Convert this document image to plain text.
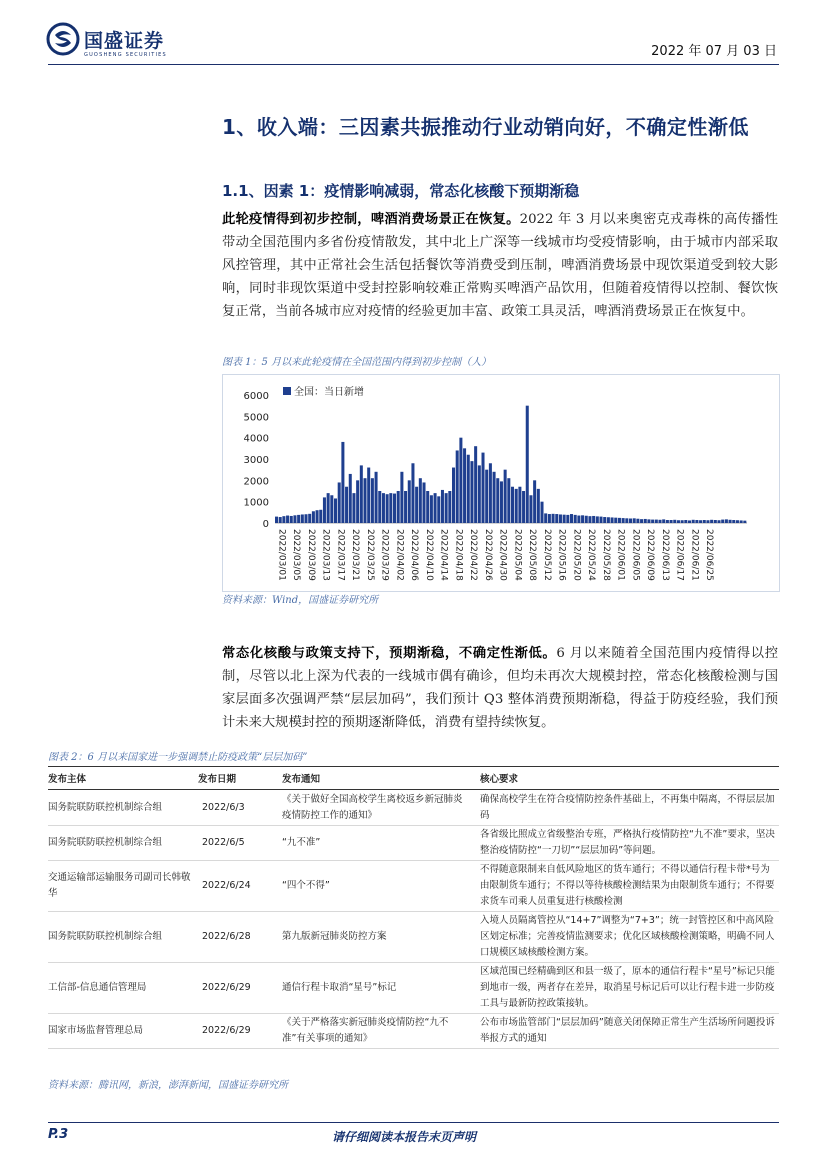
国盛证券
GUOSHENG SECURITIES	2022 年 07 月 03 日
1、收入端：三因素共振推动行业动销向好，不确定性渐低
1.1、因素 1：疫情影响减弱，常态化核酸下预期渐稳
此轮疫情得到初步控制，啤酒消费场景正在恢复。2022 年 3 月以来奥密克戎毒株的高传播性带动全国范围内多省份疫情散发，其中北上广深等一线城市均受疫情影响，由于城市内部采取风控管理，其中正常社会生活包括餐饮等消费受到压制，啤酒消费场景中现饮渠道受到较大影响，同时非现饮渠道中受封控影响较难正常购买啤酒产品饮用，但随着疫情得以控制、餐饮恢复正常，当前各城市应对疫情的经验更加丰富、政策工具灵活，啤酒消费场景正在恢复中。
图表 1：5 月以来此轮疫情在全国范围内得到初步控制（人）
全国：当日新增
0
1000
2000
3000
4000
5000
6000
2022/03/01 2022/03/05 2022/03/09 2022/03/13 2022/03/17 2022/03/21 2022/03/25 2022/03/29 2022/04/02 2022/04/06 2022/04/10 2022/04/14 2022/04/18 2022/04/22 2022/04/26 2022/04/30 2022/05/04 2022/05/08 2022/05/12 2022/05/16 2022/05/20 2022/05/24 2022/05/28 2022/06/01 2022/06/05 2022/06/09 2022/06/13 2022/06/17 2022/06/21 2022/06/25
资料来源：Wind，国盛证券研究所
常态化核酸与政策支持下，预期渐稳，不确定性渐低。6 月以来随着全国范围内疫情得以控制，尽管以北上深为代表的一线城市偶有确诊，但均未再次大规模封控，常态化核酸检测与国家层面多次强调严禁“层层加码”，我们预计 Q3 整体消费预期渐稳，得益于防疫经验，我们预计未来大规模封控的预期逐渐降低，消费有望持续恢复。
图表 2：6 月以来国家进一步强调禁止防疫政策“层层加码”
发布主体	发布日期	发布通知	核心要求
国务院联防联控机制综合组	2022/6/3	《关于做好全国高校学生离校返乡新冠肺炎疫情防控工作的通知》	确保高校学生在符合疫情防控条件基础上，不再集中隔离，不得层层加码
国务院联防联控机制综合组	2022/6/5	“九不准”	各省级比照成立省级整治专班，严格执行疫情防控“九不准”要求，坚决整治疫情防控“一刀切”“层层加码”等问题。
交通运输部运输服务司副司长韩敬华	2022/6/24	“四个不得”	不得随意限制来自低风险地区的货车通行；不得以通信行程卡带*号为由限制货车通行；不得以等待核酸检测结果为由限制货车通行；不得要求货车司乘人员重复进行核酸检测
国务院联防联控机制综合组	2022/6/28	第九版新冠肺炎防控方案	入境人员隔离管控从“14+7”调整为“7+3”；统一封管控区和中高风险区划定标准；完善疫情监测要求；优化区域核酸检测策略，明确不同人口规模区域核酸检测方案。
工信部-信息通信管理局	2022/6/29	通信行程卡取消“星号”标记	区域范围已经精确到区和县一级了，原本的通信行程卡“星号”标记只能到地市一级，两者存在差异，取消星号标记后可以让行程卡进一步防疫工具与最新防控政策接轨。
国家市场监督管理总局	2022/6/29	《关于严格落实新冠肺炎疫情防控“九不准”有关事项的通知》	公布市场监管部门“层层加码”随意关闭保障正常生产生活场所问题投诉举报方式的通知
资料来源：腾讯网，新浪，澎湃新闻，国盛证券研究所
P.3	请仔细阅读本报告末页声明
